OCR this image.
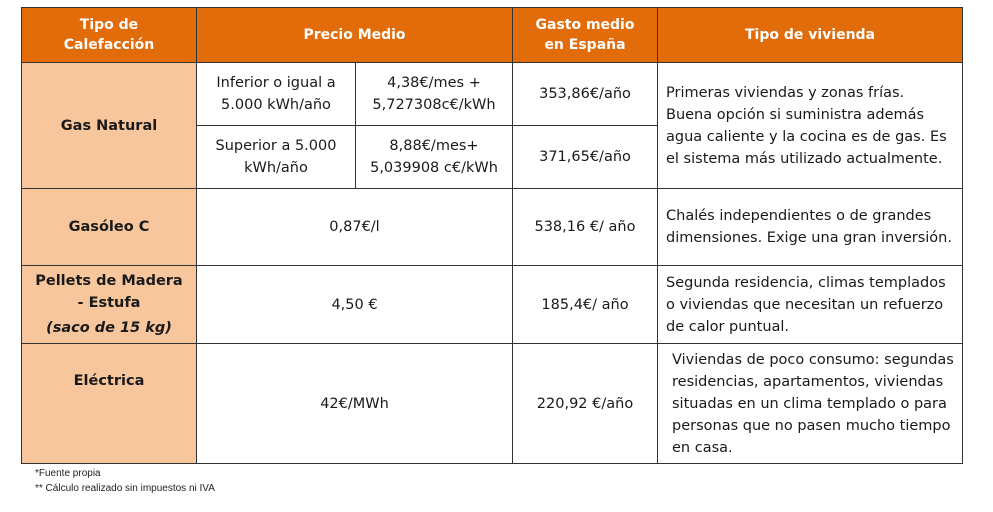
Tipo de Calefacción	Precio Medio		Gasto medio en España	Tipo de vivienda
Gas Natural	Inferior o igual a 5.000 kWh/año	4,38€/mes + 5,727308c€/kWh	353,86€/año	Primeras viviendas y zonas frías. Buena opción si suministra además agua caliente y la cocina es de gas. Es el sistema más utilizado actualmente.
	Superior a 5.000 kWh/año	8,88€/mes+ 5,039908 c€/kWh	371,65€/año	
Gasóleo C	0,87€/l		538,16 €/ año	Chalés independientes o de grandes dimensiones. Exige una gran inversión.

Pellets de Madera - Estufa
(saco de 15 kg)	4,50 €		185,4€/ año	Segunda residencia, climas templados o viviendas que necesitan un refuerzo de calor puntual.
Eléctrica	42€/MWh		220,92 €/año	Viviendas de poco consumo: segundas residencias, apartamentos, viviendas situadas en un clima templado o para personas que no pasen mucho tiempo en casa.
*Fuente propia
** Cálculo realizado sin impuestos ni IVA
